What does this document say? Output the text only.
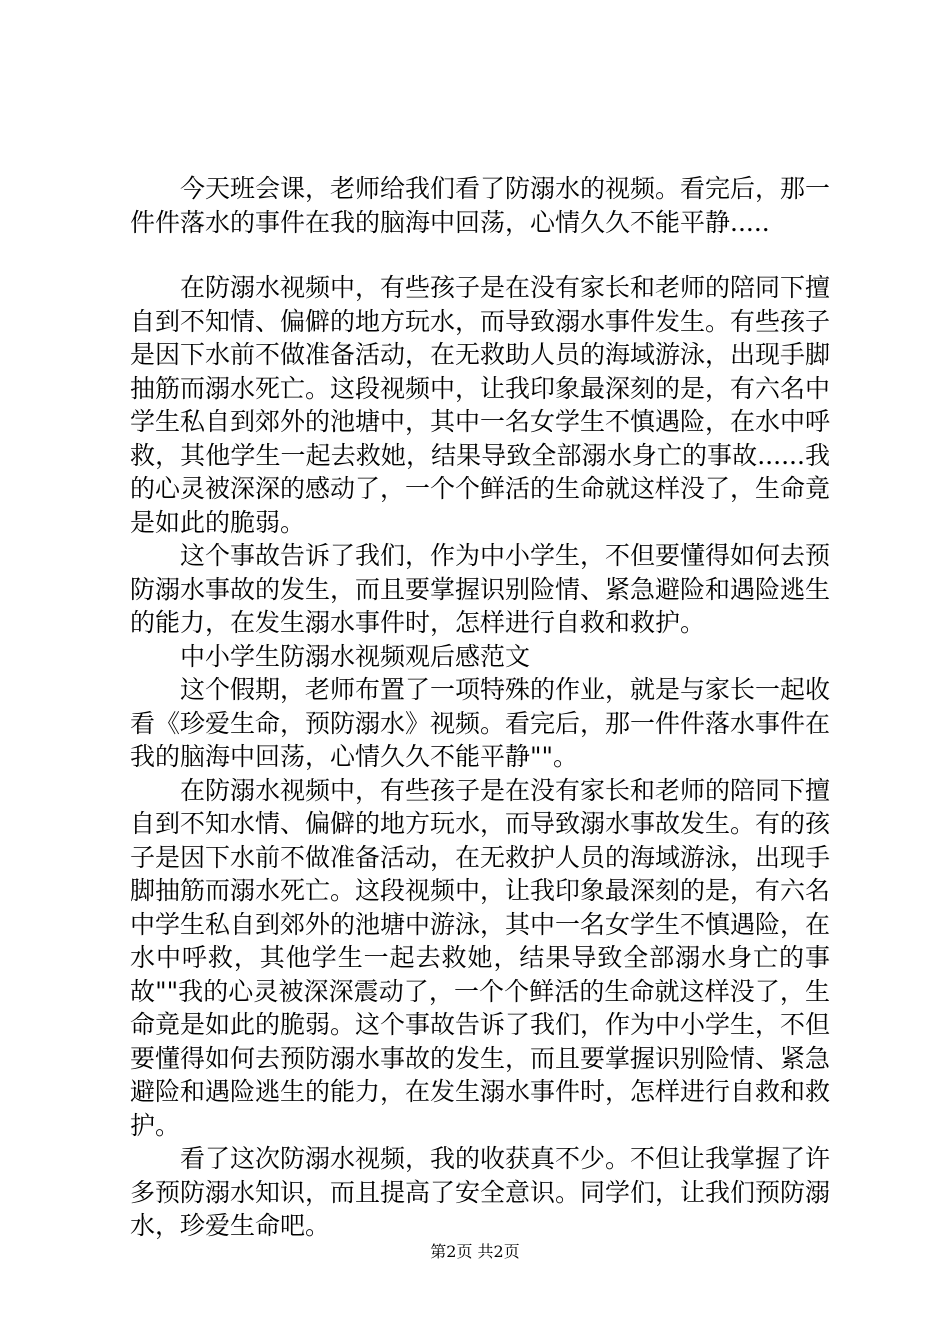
今天班会课，老师给我们看了防溺水的视频。看完后，那一件件落水的事件在我的脑海中回荡，心情久久不能平静.....

在防溺水视频中，有些孩子是在没有家长和老师的陪同下擅自到不知情、偏僻的地方玩水，而导致溺水事件发生。有些孩子是因下水前不做准备活动，在无救助人员的海域游泳，出现手脚抽筋而溺水死亡。这段视频中，让我印象最深刻的是，有六名中学生私自到郊外的池塘中，其中一名女学生不慎遇险，在水中呼救，其他学生一起去救她，结果导致全部溺水身亡的事故......我的心灵被深深的感动了，一个个鲜活的生命就这样没了，生命竟是如此的脆弱。

这个事故告诉了我们，作为中小学生，不但要懂得如何去预防溺水事故的发生，而且要掌握识别险情、紧急避险和遇险逃生的能力，在发生溺水事件时，怎样进行自救和救护。

中小学生防溺水视频观后感范文

这个假期，老师布置了一项特殊的作业，就是与家长一起收看《珍爱生命，预防溺水》视频。看完后，那一件件落水事件在我的脑海中回荡，心情久久不能平静""。

在防溺水视频中，有些孩子是在没有家长和老师的陪同下擅自到不知水情、偏僻的地方玩水，而导致溺水事故发生。有的孩子是因下水前不做准备活动，在无救护人员的海域游泳，出现手脚抽筋而溺水死亡。这段视频中，让我印象最深刻的是，有六名中学生私自到郊外的池塘中游泳，其中一名女学生不慎遇险，在水中呼救，其他学生一起去救她，结果导致全部溺水身亡的事故""我的心灵被深深震动了，一个个鲜活的生命就这样没了，生命竟是如此的脆弱。这个事故告诉了我们，作为中小学生，不但要懂得如何去预防溺水事故的发生，而且要掌握识别险情、紧急避险和遇险逃生的能力，在发生溺水事件时，怎样进行自救和救护。

看了这次防溺水视频，我的收获真不少。不但让我掌握了许多预防溺水知识，而且提高了安全意识。同学们，让我们预防溺水，珍爱生命吧。

第2页 共2页
